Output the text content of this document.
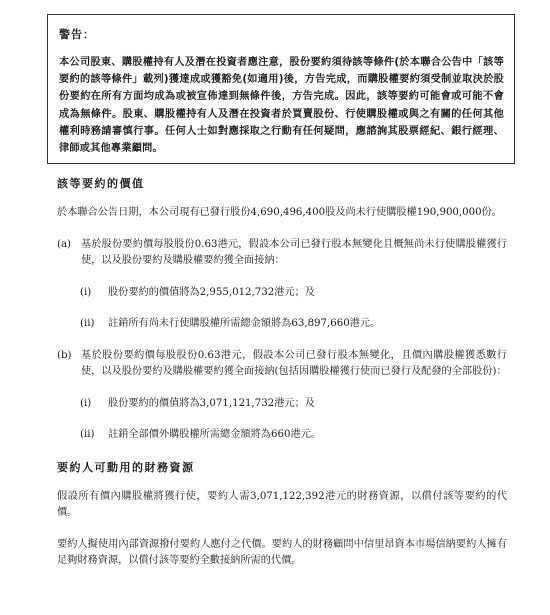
警告：
本公司股東、購股權持有人及潛在投資者應注意，股份要約須待該等條件(於本聯合公告中「該等要約的該等條件」載列)獲達成或獲豁免(如適用)後，方告完成，而購股權要約須受制並取決於股份要約在所有方面均成為或被宣佈達到無條件後，方告完成。因此，該等要約可能會或可能不會成為無條件。股東、購股權持有人及潛在投資者於買賣股份、行使購股權或與之有關的任何其他權利時務請審慎行事。任何人士如對應採取之行動有任何疑問，應諮詢其股票經紀、銀行經理、律師或其他專業顧問。
該等要約的價值

於本聯合公告日期，本公司現有已發行股份4,690,496,400股及尚未行使購股權190,900,000份。

(a) 基於股份要約價每股股份0.63港元，假設本公司已發行股本無變化且概無尚未行使購股權獲行使，以及股份要約及購股權要約獲全面接納：
(i)	股份要約的價值將為2,955,012,732港元；及
(ii)	註銷所有尚未行使購股權所需總金額將為63,897,660港元。
(b) 基於股份要約價每股股份0.63港元，假設本公司已發行股本無變化，且價內購股權獲悉數行使，以及股份要約及購股權要約獲全面接納(包括因購股權獲行使而已發行及配發的全部股份)：
(i)	股份要約的價值將為3,071,121,732港元；及
(ii)	註銷全部價外購股權所需總金額將為660港元。
要約人可動用的財務資源

假設所有價內購股權將獲行使，要約人需3,071,122,392港元的財務資源，以償付該等要約的代價。

要約人擬使用內部資源撥付要約人應付之代價。要約人的財務顧問中信里昂資本市場信納要約人擁有足夠財務資源，以償付該等要約全數接納所需的代價。
